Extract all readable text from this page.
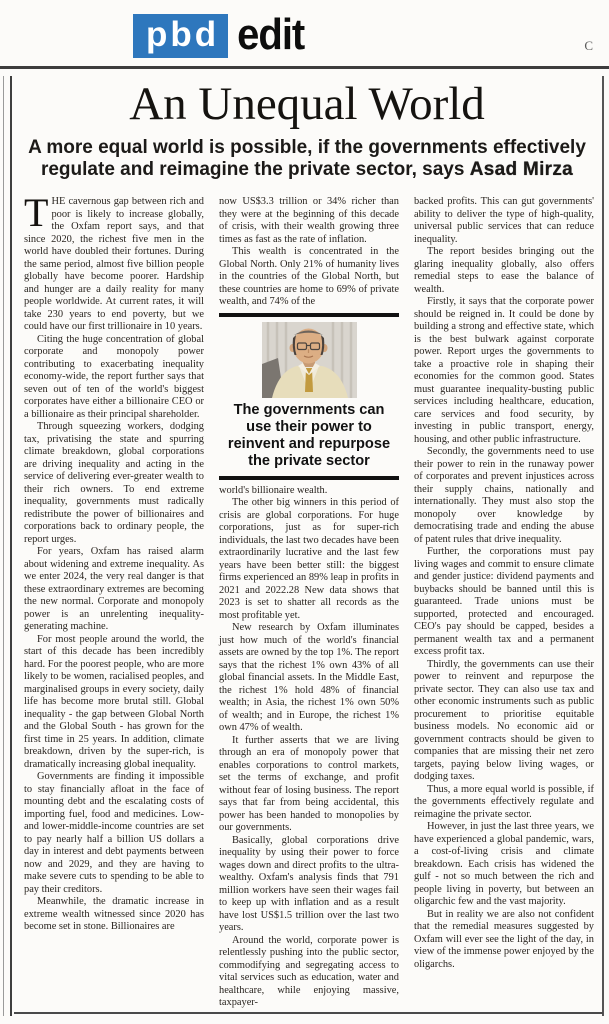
pbd edit	C
An Unequal World

A more equal world is possible, if the governments effectively regulate and reimagine the private sector, says Asad Mirza

THE cavernous gap between rich and poor is likely to increase globally, the Oxfam report says, and that since 2020, the richest five men in the world have doubled their fortunes. During the same period, almost five billion people globally have become poorer. Hardship and hunger are a daily reality for many people worldwide. At current rates, it will take 230 years to end poverty, but we could have our first trillionaire in 10 years.

Citing the huge concentration of global corporate and monopoly power contributing to exacerbating inequality economy-wide, the report further says that seven out of ten of the world's biggest corporates have either a billionaire CEO or a billionaire as their principal shareholder.

Through squeezing workers, dodging tax, privatising the state and spurring climate breakdown, global corporations are driving inequality and acting in the service of delivering ever-greater wealth to their rich owners. To end extreme inequality, governments must radically redistribute the power of billionaires and corporations back to ordinary people, the report urges.

For years, Oxfam has raised alarm about widening and extreme inequality. As we enter 2024, the very real danger is that these extraordinary extremes are becoming the new normal. Corporate and monopoly power is an unrelenting inequality-generating machine.

For most people around the world, the start of this decade has been incredibly hard. For the poorest people, who are more likely to be women, racialised peoples, and marginalised groups in every society, daily life has become more brutal still. Global inequality - the gap between Global North and the Global South - has grown for the first time in 25 years. In addition, climate breakdown, driven by the super-rich, is dramatically increasing global inequality.

Governments are finding it impossible to stay financially afloat in the face of mounting debt and the escalating costs of importing fuel, food and medicines. Low- and lower-middle-income countries are set to pay nearly half a billion US dollars a day in interest and debt payments between now and 2029, and they are having to make severe cuts to spending to be able to pay their creditors.

Meanwhile, the dramatic increase in extreme wealth witnessed since 2020 has become set in stone. Billionaires are

now US$3.3 trillion or 34% richer than they were at the beginning of this decade of crisis, with their wealth growing three times as fast as the rate of inflation.

This wealth is concentrated in the Global North. Only 21% of humanity lives in the countries of the Global North, but these countries are home to 69% of private wealth, and 74% of the

The governments can use their power to reinvent and repurpose the private sector

world's billionaire wealth.

The other big winners in this period of crisis are global corporations. For huge corporations, just as for super-rich individuals, the last two decades have been extraordinarily lucrative and the last few years have been better still: the biggest firms experienced an 89% leap in profits in 2021 and 2022.28 New data shows that 2023 is set to shatter all records as the most profitable yet.

New research by Oxfam illuminates just how much of the world's financial assets are owned by the top 1%. The report says that the richest 1% own 43% of all global financial assets. In the Middle East, the richest 1% hold 48% of financial wealth; in Asia, the richest 1% own 50% of wealth; and in Europe, the richest 1% own 47% of wealth.

It further asserts that we are living through an era of monopoly power that enables corporations to control markets, set the terms of exchange, and profit without fear of losing business. The report says that far from being accidental, this power has been handed to monopolies by our governments.

Basically, global corporations drive inequality by using their power to force wages down and direct profits to the ultra-wealthy. Oxfam's analysis finds that 791 million workers have seen their wages fail to keep up with inflation and as a result have lost US$1.5 trillion over the last two years.

Around the world, corporate power is relentlessly pushing into the public sector, commodifying and segregating access to vital services such as education, water and healthcare, while enjoying massive, taxpayer-

backed profits. This can gut governments' ability to deliver the type of high-quality, universal public services that can reduce inequality.

The report besides bringing out the glaring inequality globally, also offers remedial steps to ease the balance of wealth.

Firstly, it says that the corporate power should be reigned in. It could be done by building a strong and effective state, which is the best bulwark against corporate power. Report urges the governments to take a proactive role in shaping their economies for the common good. States must guarantee inequality-busting public services including healthcare, education, care services and food security, by investing in public transport, energy, housing, and other public infrastructure.

Secondly, the governments need to use their power to rein in the runaway power of corporates and prevent injustices across their supply chains, nationally and internationally. They must also stop the monopoly over knowledge by democratising trade and ending the abuse of patent rules that drive inequality.

Further, the corporations must pay living wages and commit to ensure climate and gender justice: dividend payments and buybacks should be banned until this is guaranteed. Trade unions must be supported, protected and encouraged. CEO's pay should be capped, besides a permanent wealth tax and a permanent excess profit tax.

Thirdly, the governments can use their power to reinvent and repurpose the private sector. They can also use tax and other economic instruments such as public procurement to prioritise equitable business models. No economic aid or government contracts should be given to companies that are missing their net zero targets, paying below living wages, or dodging taxes.

Thus, a more equal world is possible, if the governments effectively regulate and reimagine the private sector.

However, in just the last three years, we have experienced a global pandemic, wars, a cost-of-living crisis and climate breakdown. Each crisis has widened the gulf - not so much between the rich and people living in poverty, but between an oligarchic few and the vast majority.

But in reality we are also not confident that the remedial measures suggested by Oxfam will ever see the light of the day, in view of the immense power enjoyed by the oligarchs.
